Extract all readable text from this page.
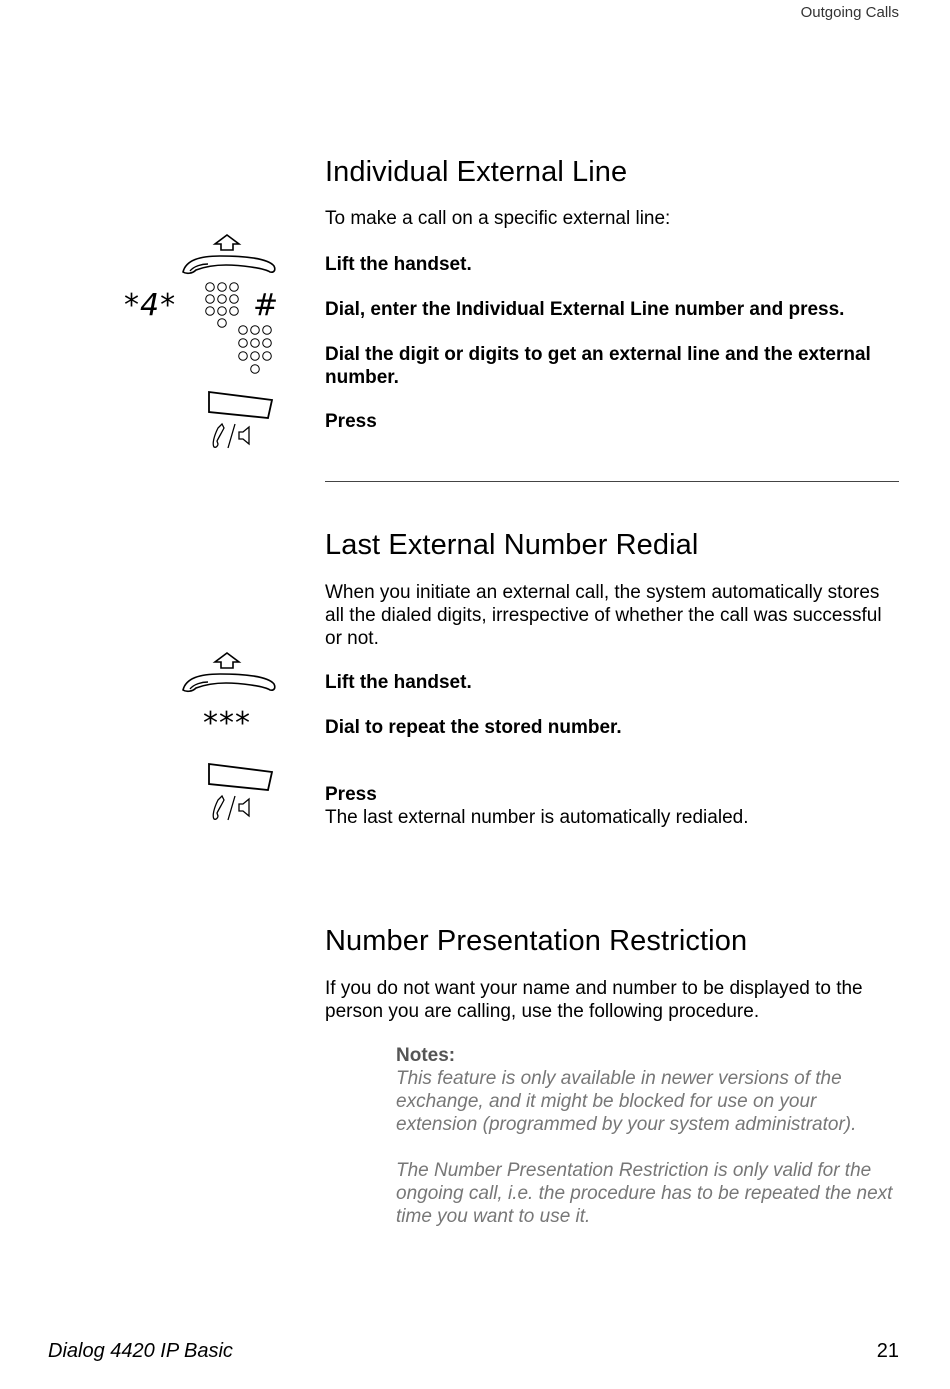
Outgoing Calls
Individual External Line

To make a call on a specific external line:

Lift the handset.

*4*	# Dial, enter the Individual External Line number and press.

Dial the digit or digits to get an external line and the external number.

Press

Last External Number Redial

When you initiate an external call, the system automatically stores all the dialed digits, irrespective of whether the call was successful or not.

Lift the handset.

***	Dial to repeat the stored number.

Press

The last external number is automatically redialed.

Number Presentation Restriction

If you do not want your name and number to be displayed to the person you are calling, use the following procedure.

Notes:

This feature is only available in newer versions of the exchange, and it might be blocked for use on your extension (programmed by your system administrator).

The Number Presentation Restriction is only valid for the ongoing call, i.e. the procedure has to be repeated the next time you want to use it.

Dialog 4420 IP Basic	21
